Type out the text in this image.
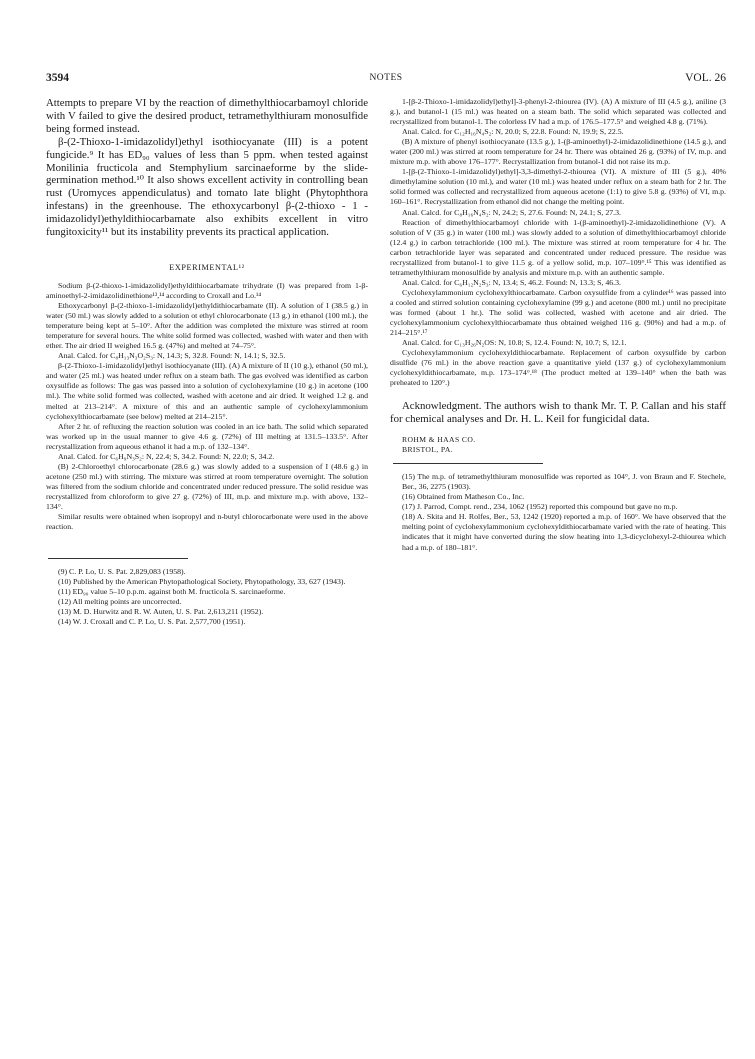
3594	NOTES	VOL. 26

Attempts to prepare VI by the reaction of dimethylthiocarbamoyl chloride with V failed to give the desired product, tetramethylthiuram monosulfide being formed instead.

β-(2-Thioxo-1-imidazolidyl)ethyl isothiocyanate (III) is a potent fungicide.⁹ It has ED₉₀ values of less than 5 ppm. when tested against Monilinia fructicola and Stemphylium sarcinaeforme by the slide-germination method.¹⁰ It also shows excellent activity in controlling bean rust (Uromyces appendiculatus) and tomato late blight (Phytophthora infestans) in the greenhouse. The ethoxycarbonyl β-(2-thioxo - 1 - imidazolidyl)ethyldithiocarbamate also exhibits excellent in vitro fungitoxicity¹¹ but its instability prevents its practical application.

EXPERIMENTAL¹²

Sodium β-(2-thioxo-1-imidazolidyl)ethyldithiocarbamate trihydrate (I) was prepared from 1-β-aminoethyl-2-imidazolidinethione¹³,¹⁴ according to Croxall and Lo.¹⁴

Ethoxycarbonyl β-(2-thioxo-1-imidazolidyl)ethyldithiocarbamate (II). A solution of I (38.5 g.) in water (50 ml.) was slowly added to a solution ot ethyl chlorocarbonate (13 g.) in ethanol (100 ml.), the temperature being kept at 5–10°. After the addition was completed the mixture was stirred at room temperature for several hours. The white solid formed was collected, washed with water and then with ether. The air dried II weighed 16.5 g. (47%) and melted at 74–75°.

Anal. Calcd. for C₈H₁₃N₃O₂S₃: N, 14.3; S, 32.8. Found: N, 14.1; S, 32.5.

β-(2-Thioxo-1-imidazolidyl)ethyl isothiocyanate (III). (A) A mixture of II (10 g.), ethanol (50 ml.), and water (25 ml.) was heated under reflux on a steam bath. The gas evolved was identified as carbon oxysulfide as follows: The gas was passed into a solution of cyclohexylamine (10 g.) in acetone (100 ml.). The white solid formed was collected, washed with acetone and air dried. It weighed 1.2 g. and melted at 213–214°. A mixture of this and an authentic sample of cyclohexylammonium cyclohexylthiocarbamate (see below) melted at 214–215°.

After 2 hr. of refluxing the reaction solution was cooled in an ice bath. The solid which separated was worked up in the usual manner to give 4.6 g. (72%) of III melting at 131.5–133.5°. After recrystallization from aqueous ethanol it had a m.p. of 132–134°.

Anal. Calcd. for C₆H₉N₃S₂: N, 22.4; S, 34.2. Found: N, 22.0; S, 34.2.

(B) 2-Chloroethyl chlorocarbonate (28.6 g.) was slowly added to a suspension of I (48.6 g.) in acetone (250 ml.) with stirring. The mixture was stirred at room temperature overnight. The solution was filtered from the sodium chloride and concentrated under reduced pressure. The solid residue was recrystallized from chloroform to give 27 g. (72%) of III, m.p. and mixture m.p. with above, 132–134°.

Similar results were obtained when isopropyl and n-butyl chlorocarbonate were used in the above reaction.

(9) C. P. Lo, U. S. Pat. 2,829,083 (1958).

(10) Published by the American Phytopathological Society, Phytopathology, 33, 627 (1943).

(11) ED₉₀ value 5–10 p.p.m. against both M. fructicola S. sarcinaeforme.

(12) All melting points are uncorrected.

(13) M. D. Hurwitz and R. W. Auten, U. S. Pat. 2,613,211 (1952).

(14) W. J. Croxall and C. P. Lo, U. S. Pat. 2,577,700 (1951).

1-[β-2-Thioxo-1-imidazolidyl)ethyl]-3-phenyl-2-thiourea (IV). (A) A mixture of III (4.5 g.), aniline (3 g.), and butanol-1 (15 ml.) was heated on a steam bath. The solid which separated was collected and recrystallized from butanol-1. The colorless IV had a m.p. of 176.5–177.5° and weighed 4.8 g. (71%).

Anal. Calcd. for C₁₂H₁₆N₄S₂: N, 20.0; S, 22.8. Found: N, 19.9; S, 22.5.

(B) A mixture of phenyl isothiocyanate (13.5 g.), 1-(β-aminoethyl)-2-imidazolidinethione (14.5 g.), and water (200 ml.) was stirred at room temperature for 24 hr. There was obtained 26 g. (93%) of IV, m.p. and mixture m.p. with above 176–177°. Recrystallization from butanol-1 did not raise its m.p.

1-[β-(2-Thioxo-1-imidazolidyl)ethyl]-3,3-dimethyl-2-thiourea (VI). A mixture of III (5 g.), 40% dimethylamine solution (10 ml.), and water (10 ml.) was heated under reflux on a steam bath for 2 hr. The solid formed was collected and recrystallized from aqueous acetone (1:1) to give 5.8 g. (93%) of VI, m.p. 160–161°. Recrystallization from ethanol did not change the melting point.

Anal. Calcd. for C₈H₁₆N₄S₂: N, 24.2; S, 27.6. Found: N, 24.1; S, 27.3.

Reaction of dimethylthiocarbamoyl chloride with 1-(β-aminoethyl)-2-imidazolidinethione (V). A solution of V (35 g.) in water (100 ml.) was slowly added to a solution of dimethylthiocarbamoyl chloride (12.4 g.) in carbon tetrachloride (100 ml.). The mixture was stirred at room temperature for 4 hr. The carbon tetrachloride layer was separated and concentrated under reduced pressure. The residue was recrystallized from butanol-1 to give 11.5 g. of a yellow solid, m.p. 107–109°.¹⁵ This was identified as tetramethylthiuram monosulfide by analysis and mixture m.p. with an authentic sample.

Anal. Calcd. for C₆H₁₂N₂S₃: N, 13.4; S, 46.2. Found: N, 13.3; S, 46.3.

Cyclohexylammonium cyclohexylthiocarbamate. Carbon oxysulfide from a cylinder¹⁶ was passed into a cooled and stirred solution containing cyclohexylamine (99 g.) and acetone (800 ml.) until no precipitate was formed (about 1 hr.). The solid was collected, washed with acetone and air dried. The cyclohexylammonium cyclohexylthiocarbamate thus obtained weighed 116 g. (90%) and had a m.p. of 214–215°.¹⁷

Anal. Calcd. for C₁₃H₂₆N₂OS: N, 10.8; S, 12.4. Found: N, 10.7; S, 12.1.

Cyclohexylammonium cyclohexyldithiocarbamate. Replacement of carbon oxysulfide by carbon disulfide (76 ml.) in the above reaction gave a quantitative yield (137 g.) of cyclohexylammonium cyclohexyldithiocarbamate, m.p. 173–174°.¹⁸ (The product melted at 139–140° when the bath was preheated to 120°.)

Acknowledgment. The authors wish to thank Mr. T. P. Callan and his staff for chemical analyses and Dr. H. L. Keil for fungicidal data.

ROHM & HAAS CO.
BRISTOL, PA.

(15) The m.p. of tetramethylthiuram monosulfide was reported as 104°, J. von Braun and F. Stechele, Ber., 36, 2275 (1903).

(16) Obtained from Matheson Co., Inc.

(17) J. Parrod, Compt. rend., 234, 1062 (1952) reported this compound but gave no m.p.

(18) A. Skita and H. Rolfes, Ber., 53, 1242 (1920) reported a m.p. of 160°. We have observed that the melting point of cyclohexylammonium cyclohexyldithiocarbamate varied with the rate of heating. This indicates that it might have converted during the slow heating into 1,3-dicyclohexyl-2-thiourea which had a m.p. of 180–181°.
